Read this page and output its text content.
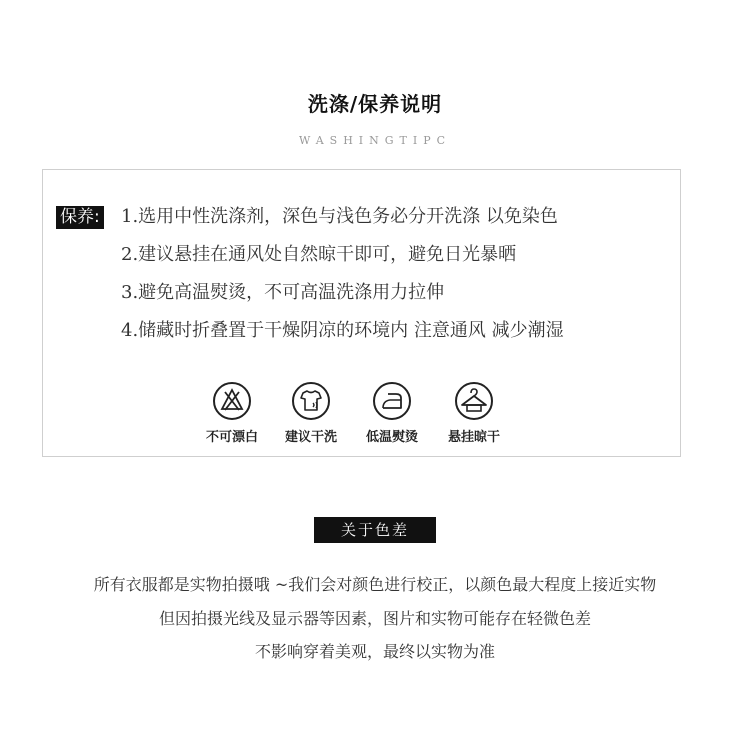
洗涤/保养说明
WASHINGTIPC
保养: 1.选用中性洗涤剂，深色与浅色务必分开洗涤 以免染色
2.建议悬挂在通风处自然晾干即可，避免日光暴晒
3.避免高温熨烫，不可高温洗涤用力拉伸
4.储藏时折叠置于干燥阴凉的环境内 注意通风 减少潮湿
不可漂白	建议干洗	低温熨烫	悬挂晾干
关于色差
所有衣服都是实物拍摄哦 ~我们会对颜色进行校正，以颜色最大程度上接近实物
但因拍摄光线及显示器等因素，图片和实物可能存在轻微色差
不影响穿着美观，最终以实物为准
